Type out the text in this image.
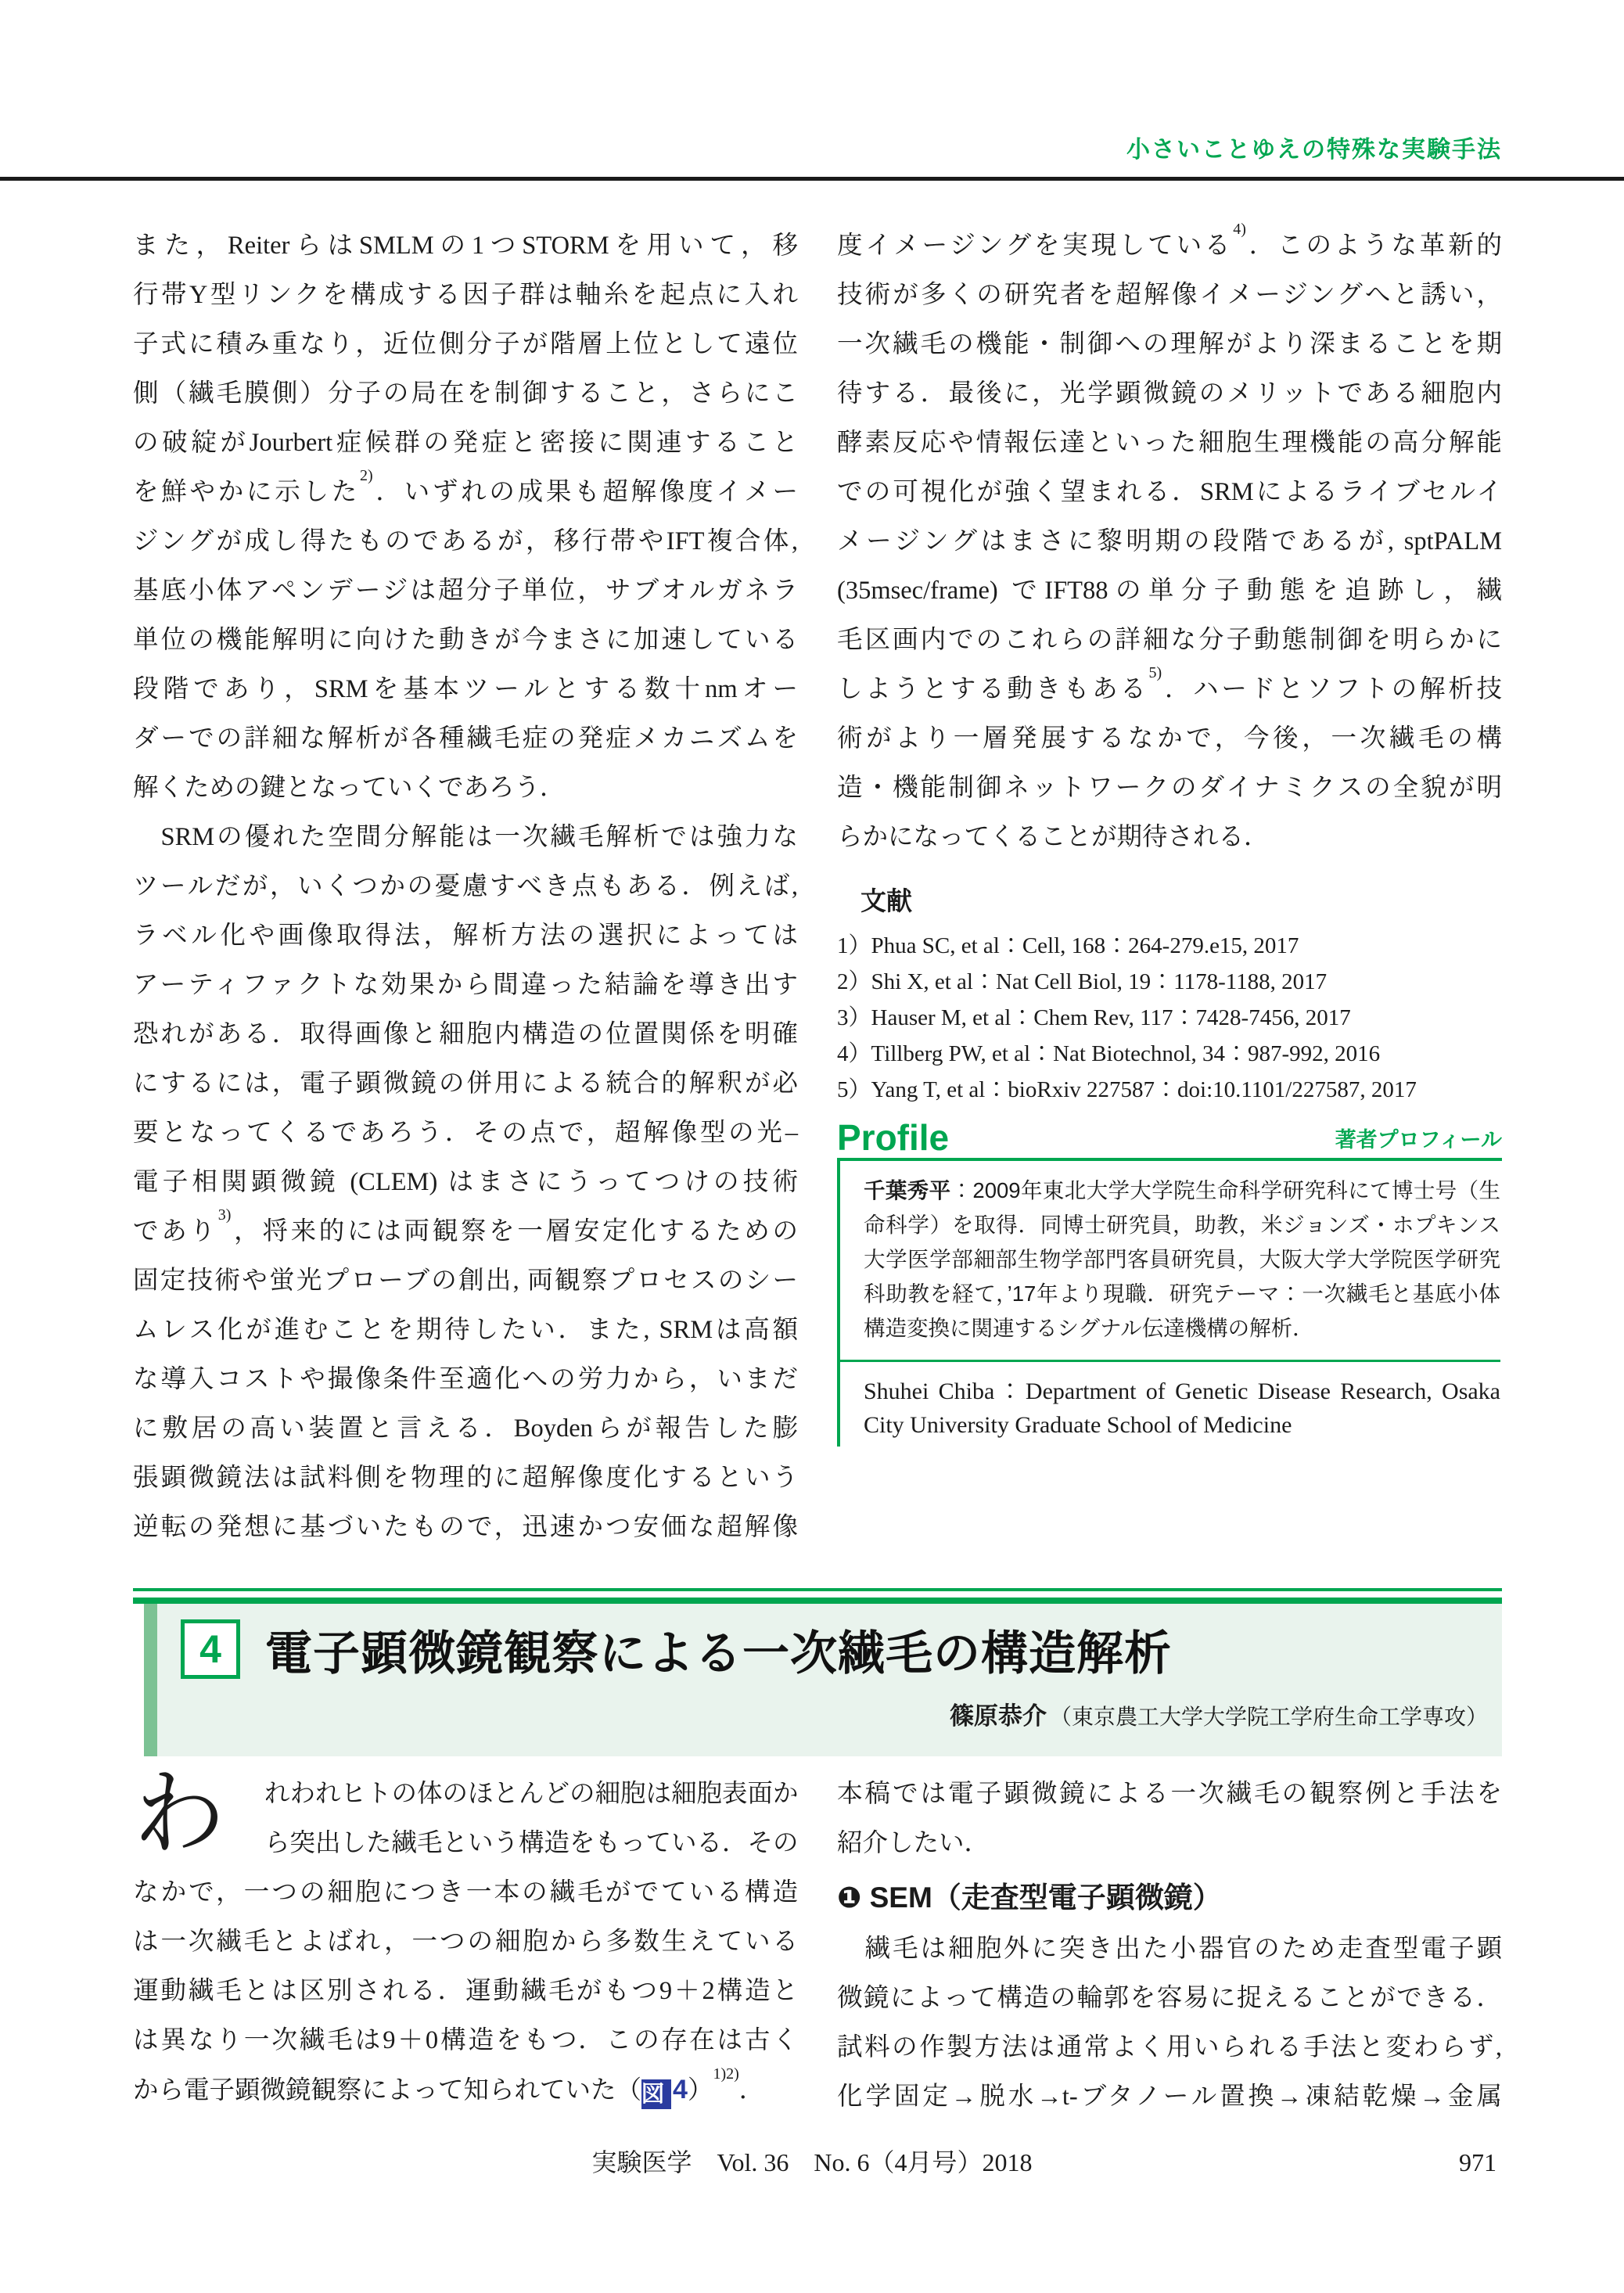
小さいことゆえの特殊な実験手法
また，ReiterらはSMLMの1つSTORMを用いて，移
行帯Y型リンクを構成する因子群は軸糸を起点に入れ
子式に積み重なり，近位側分子が階層上位として遠位
側（繊毛膜側）分子の局在を制御すること，さらにこ
の破綻がJourbert症候群の発症と密接に関連すること
を鮮やかに示した$^{2)}$．いずれの成果も超解像度イメー
ジングが成し得たものであるが，移行帯やIFT複合体,
基底小体アペンデージは超分子単位，サブオルガネラ
単位の機能解明に向けた動きが今まさに加速している
段階であり，SRMを基本ツールとする数十nmオー
ダーでの詳細な解析が各種繊毛症の発症メカニズムを
解くための鍵となっていくであろう．
　SRMの優れた空間分解能は一次繊毛解析では強力な
ツールだが，いくつかの憂慮すべき点もある．例えば,
ラベル化や画像取得法，解析方法の選択によっては
アーティファクトな効果から間違った結論を導き出す
恐れがある．取得画像と細胞内構造の位置関係を明確
にするには，電子顕微鏡の併用による統合的解釈が必
要となってくるであろう．その点で，超解像型の光–
電子相関顕微鏡 (CLEM) はまさにうってつけの技術
であり$^{3)}$，将来的には両観察を一層安定化するための
固定技術や蛍光プローブの創出, 両観察プロセスのシー
ムレス化が進むことを期待したい．また, SRMは高額
な導入コストや撮像条件至適化への労力から，いまだ
に敷居の高い装置と言える．Boydenらが報告した膨
張顕微鏡法は試料側を物理的に超解像度化するという
逆転の発想に基づいたもので，迅速かつ安価な超解像
度イメージングを実現している$^{4)}$．このような革新的
技術が多くの研究者を超解像イメージングへと誘い，
一次繊毛の機能・制御への理解がより深まることを期
待する．最後に，光学顕微鏡のメリットである細胞内
酵素反応や情報伝達といった細胞生理機能の高分解能
での可視化が強く望まれる．SRMによるライブセルイ
メージングはまさに黎明期の段階であるが, sptPALM
(35msec/frame) でIFT88の単分子動態を追跡し，繊
毛区画内でのこれらの詳細な分子動態制御を明らかに
しようとする動きもある$^{5)}$．ハードとソフトの解析技
術がより一層発展するなかで，今後，一次繊毛の構
造・機能制御ネットワークのダイナミクスの全貌が明
らかになってくることが期待される．
文献
1）Phua SC, et al：Cell, 168：264-279.e15, 2017
2）Shi X, et al：Nat Cell Biol, 19：1178-1188, 2017
3）Hauser M, et al：Chem Rev, 117：7428-7456, 2017
4）Tillberg PW, et al：Nat Biotechnol, 34：987-992, 2016
5）Yang T, et al：bioRxiv 227587：doi:10.1101/227587, 2017
Profile	著者プロフィール
千葉秀平：2009年東北大学大学院生命科学研究科にて博士号（生命科学）を取得．同博士研究員，助教，米ジョンズ・ホプキンス大学医学部細部生物学部門客員研究員，大阪大学大学院医学研究科助教を経て，’17年より現職．研究テーマ：一次繊毛と基底小体構造変換に関連するシグナル伝達機構の解析．
Shuhei Chiba：Department of Genetic Disease Research, Osaka City University Graduate School of Medicine
4 電子顕微鏡観察による一次繊毛の構造解析
篠原恭介 （東京農工大学大学院工学府生命工学専攻）
わ	れわれヒトの体のほとんどの細胞は細胞表面か
ら突出した繊毛という構造をもっている．その
なかで，一つの細胞につき一本の繊毛がでている構造
は一次繊毛とよばれ，一つの細胞から多数生えている
運動繊毛とは区別される．運動繊毛がもつ9＋2構造と
は異なり一次繊毛は9＋0構造をもつ．この存在は古く
から電子顕微鏡観察によって知られていた（図 4）$^{1)2)}$．
本稿では電子顕微鏡による一次繊毛の観察例と手法を
紹介したい．
❶ SEM（走査型電子顕微鏡）
　繊毛は細胞外に突き出た小器官のため走査型電子顕
微鏡によって構造の輪郭を容易に捉えることができる．
試料の作製方法は通常よく用いられる手法と変わらず,
化学固定→脱水→t-ブタノール置換→凍結乾燥→金属
実験医学　Vol. 36　No. 6（4月号）2018	971
